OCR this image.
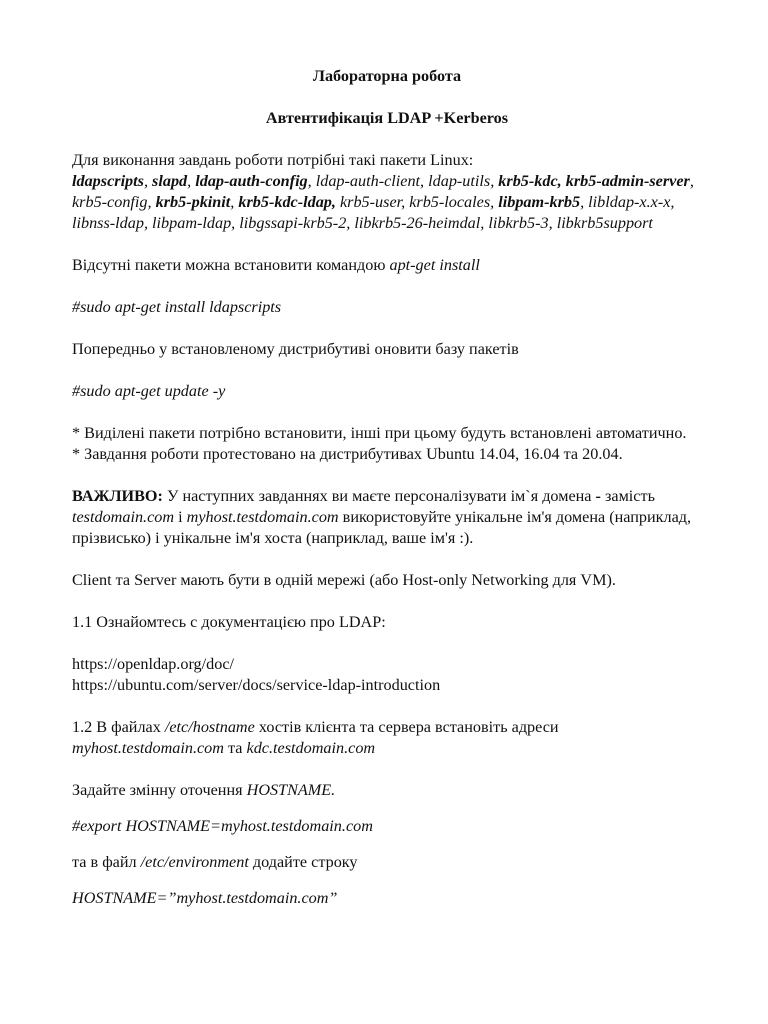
Лабораторна робота

Автентифікація LDAP +Kerberos

Для виконання завдань роботи потрібні такі пакети Linux:

ldapscripts, slapd, ldap-auth-config, ldap-auth-client, ldap-utils, krb5-kdc, krb5-admin-server, krb5-config, krb5-pkinit, krb5-kdc-ldap, krb5-user, krb5-locales, libpam-krb5, libldap-x.x-x, libnss-ldap, libpam-ldap, libgssapi-krb5-2, libkrb5-26-heimdal, libkrb5-3, libkrb5support

Відсутні пакети можна встановити командою apt-get install

#sudo apt-get install ldapscripts

Попередньо у встановленому дистрибутиві оновити базу пакетів

#sudo apt-get update -y

* Виділені пакети потрібно встановити, інші при цьому будуть встановлені автоматично.

* Завдання роботи протестовано на дистрибутивах Ubuntu 14.04, 16.04 та 20.04.

ВАЖЛИВО: У наступних завданнях ви маєте персоналізувати ім`я домена - замість testdomain.com і myhost.testdomain.com використовуйте унікальне ім'я домена (наприклад, прізвисько) і унікальне ім'я хоста (наприклад, ваше ім'я :).

Client та Server мають бути в одній мережі (або Host-only Networking для VM).

1.1 Ознайомтесь с документацією про LDAP:

https://openldap.org/doc/

https://ubuntu.com/server/docs/service-ldap-introduction

1.2 В файлах /etc/hostname хостів клієнта та сервера встановіть адреси myhost.testdomain.com та kdc.testdomain.com

Задайте змінну оточення HOSTNAME.

#export HOSTNAME=myhost.testdomain.com

та в файл /etc/environment додайте строку

HOSTNAME=”myhost.testdomain.com”
